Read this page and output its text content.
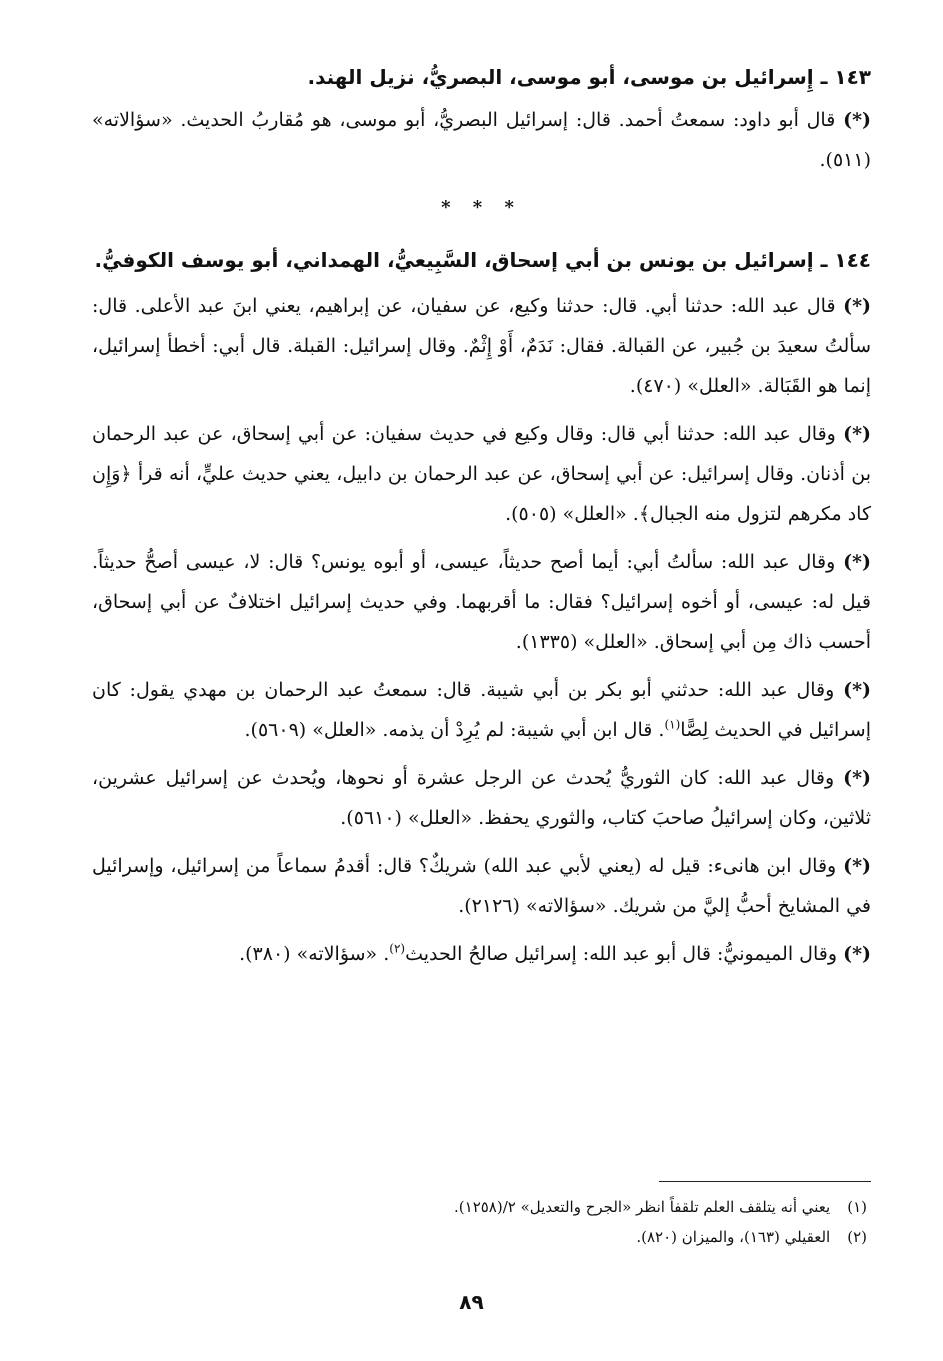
١٤٣ ـ إِسرائيل بن موسى، أبو موسى، البصريُّ، نزيل الهند.

(*) قال أبو داود: سمعتُ أحمد. قال: إسرائيل البصريُّ، أبو موسى، هو مُقاربُ الحديث. «سؤالاته» (٥١١).

* * *
١٤٤ ـ إسرائيل بن يونس بن أبي إسحاق، السَّبِيعيُّ، الهمداني، أبو يوسف الكوفيُّ.

(*) قال عبد الله: حدثنا أبي. قال: حدثنا وكيع، عن سفيان، عن إبراهيم، يعني ابنَ عبد الأعلى. قال: سألتُ سعيدَ بن جُبير، عن القبالة. فقال: نَدَمٌ، أَوْ إِثْمٌ. وقال إسرائيل: القبلة. قال أبي: أخطأ إسرائيل، إنما هو القَبَالة. «العلل» (٤٧٠).

(*) وقال عبد الله: حدثنا أبي قال: وقال وكيع في حديث سفيان: عن أبي إسحاق، عن عبد الرحمان بن أذنان. وقال إسرائيل: عن أبي إسحاق، عن عبد الرحمان بن دابيل، يعني حديث عليٍّ، أنه قرأ ﴿وَإِن كاد مكرهم لتزول منه الجبال﴾. «العلل» (٥٠٥).

(*) وقال عبد الله: سألتُ أبي: أيما أصح حديثاً، عيسى، أو أبوه يونس؟ قال: لا، عيسى أصحُّ حديثاً. قيل له: عيسى، أو أخوه إسرائيل؟ فقال: ما أقربهما. وفي حديث إسرائيل اختلافٌ عن أبي إسحاق، أحسب ذاك مِن أبي إسحاق. «العلل» (١٣٣٥).

(*) وقال عبد الله: حدثني أبو بكر بن أبي شيبة. قال: سمعتُ عبد الرحمان بن مهدي يقول: كان إسرائيل في الحديث لِصًّا$^{(١)}$. قال ابن أبي شيبة: لم يُرِدْ أن يذمه. «العلل» (٥٦٠٩).

(*) وقال عبد الله: كان الثوريُّ يُحدث عن الرجل عشرة أو نحوها، ويُحدث عن إسرائيل عشرين، ثلاثين، وكان إسرائيلُ صاحبَ كتاب، والثوري يحفظ. «العلل» (٥٦١٠).

(*) وقال ابن هانىء: قيل له (يعني لأبي عبد الله) شريكٌ؟ قال: أقدمُ سماعاً من إسرائيل، وإسرائيل في المشايخ أحبُّ إليَّ من شريك. «سؤالاته» (٢١٢٦).

(*) وقال الميمونيُّ: قال أبو عبد الله: إسرائيل صالحُ الحديث$^{(٢)}$. «سؤالاته» (٣٨٠).

(١) يعني أنه يتلقف العلم تلقفاً انظر «الجرح والتعديل» ٢/(١٢٥٨).

(٢) العقيلي (١٦٣)، والميزان (٨٢٠).

٨٩
